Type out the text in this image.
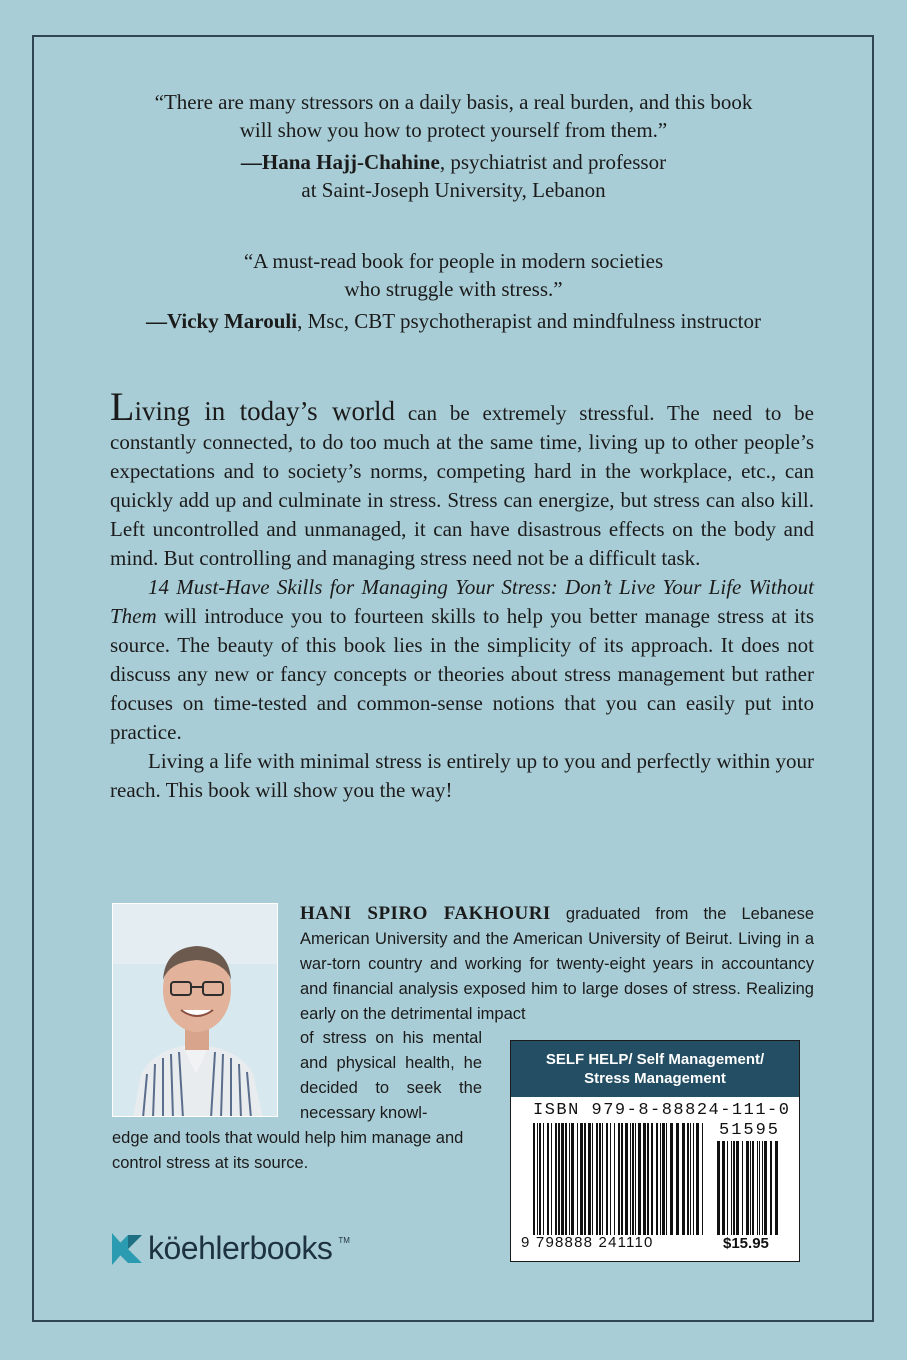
“There are many stressors on a daily basis, a real burden, and this book
will show you how to protect yourself from them.”
—Hana Hajj-Chahine, psychiatrist and professor
at Saint-Joseph University, Lebanon
“A must-read book for people in modern societies
who struggle with stress.”
—Vicky Marouli, Msc, CBT psychotherapist and mindfulness instructor

Living in today’s world can be extremely stressful. The need to be constantly connected, to do too much at the same time, living up to other people’s expectations and to society’s norms, competing hard in the workplace, etc., can quickly add up and culminate in stress. Stress can energize, but stress can also kill. Left uncontrolled and unmanaged, it can have disastrous effects on the body and mind. But controlling and managing stress need not be a difficult task.

14 Must-Have Skills for Managing Your Stress: Don’t Live Your Life Without Them will introduce you to fourteen skills to help you better manage stress at its source. The beauty of this book lies in the simplicity of its approach. It does not discuss any new or fancy concepts or theories about stress management but rather focuses on time-tested and common-sense notions that you can easily put into practice.

Living a life with minimal stress is entirely up to you and perfectly within your reach. This book will show you the way!

HANI SPIRO FAKHOURI graduated from the Lebanese American University and the American University of Beirut. Living in a war-torn country and working for twenty-eight years in accountancy and financial analysis exposed him to large doses of stress. Realizing early on the detrimental impact
of stress on his mental and physical health, he decided to seek the necessary knowl-
edge and tools that would help him manage and control stress at its source.
köehlerbooks TM
SELF HELP/ Self Management/
Stress Management
ISBN 979-8-88824-111-0
51595
9 798888 241110	$15.95
